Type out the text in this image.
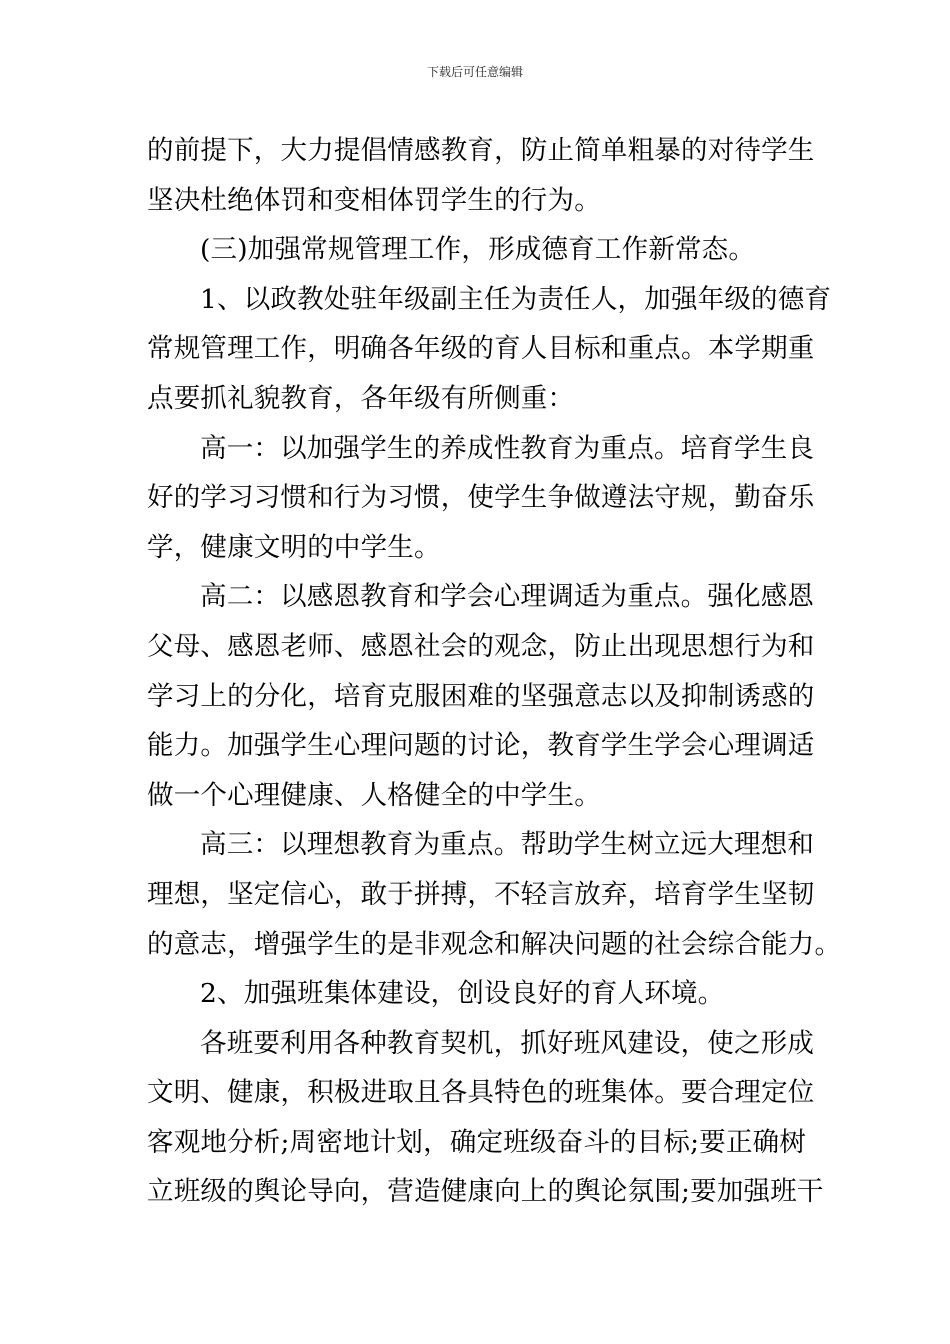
下载后可任意编辑
的前提下，大力提倡情感教育，防止简单粗暴的对待学生
坚决杜绝体罚和变相体罚学生的行为。
(三)加强常规管理工作，形成德育工作新常态。
1、以政教处驻年级副主任为责任人，加强年级的德育
常规管理工作，明确各年级的育人目标和重点。本学期重
点要抓礼貌教育，各年级有所侧重：
高一：以加强学生的养成性教育为重点。培育学生良
好的学习习惯和行为习惯，使学生争做遵法守规，勤奋乐
学，健康文明的中学生。
高二：以感恩教育和学会心理调适为重点。强化感恩
父母、感恩老师、感恩社会的观念，防止出现思想行为和
学习上的分化，培育克服困难的坚强意志以及抑制诱惑的
能力。加强学生心理问题的讨论，教育学生学会心理调适
做一个心理健康、人格健全的中学生。
高三：以理想教育为重点。帮助学生树立远大理想和
理想，坚定信心，敢于拼搏，不轻言放弃，培育学生坚韧
的意志，增强学生的是非观念和解决问题的社会综合能力。
2、加强班集体建设，创设良好的育人环境。
各班要利用各种教育契机，抓好班风建设，使之形成
文明、健康，积极进取且各具特色的班集体。要合理定位
客观地分析;周密地计划，确定班级奋斗的目标;要正确树
立班级的舆论导向，营造健康向上的舆论氛围;要加强班干
